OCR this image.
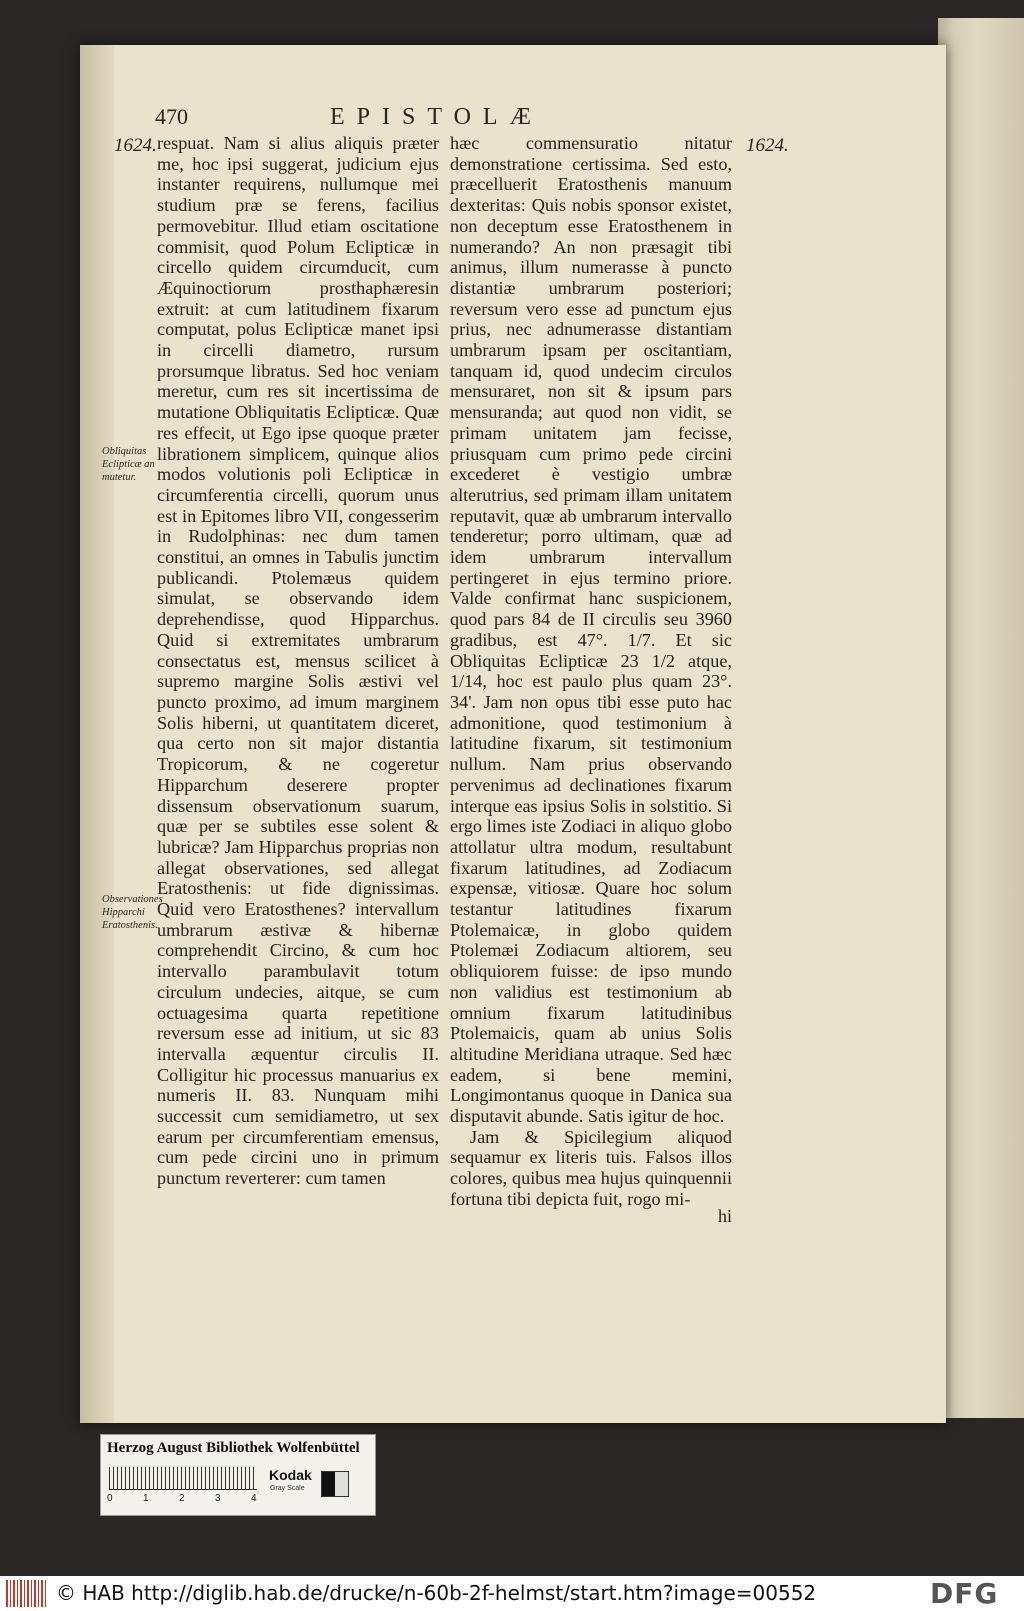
470	EPISTOLÆ
1624.	1624.
Obliquitas Eclipticæ an mutetur.
Observationes Hipparchi Eratosthenis.

respuat. Nam si alius aliquis præter me, hoc ipsi suggerat, judicium ejus instanter requirens, nullumque mei studium præ se ferens, facilius permovebitur. Illud etiam oscitatione commisit, quod Polum Eclipticæ in circello quidem circumducit, cum Æquinoctiorum prosthaphæresin extruit: at cum latitudinem fixarum computat, polus Eclipticæ manet ipsi in circelli diametro, rursum prorsumque libratus. Sed hoc veniam meretur, cum res sit incertissima de mutatione Obliquitatis Eclipticæ. Quæ res effecit, ut Ego ipse quoque præter librationem simplicem, quinque alios modos volutionis poli Eclipticæ in circumferentia circelli, quorum unus est in Epitomes libro VII, congesserim in Rudolphinas: nec dum tamen constitui, an omnes in Tabulis junctim publicandi. Ptolemæus quidem simulat, se observando idem deprehendisse, quod Hipparchus. Quid si extremitates umbrarum consectatus est, mensus scilicet à supremo margine Solis æstivi vel puncto proximo, ad imum marginem Solis hiberni, ut quantitatem diceret, qua certo non sit major distantia Tropicorum, & ne cogeretur Hipparchum deserere propter dissensum observationum suarum, quæ per se subtiles esse solent & lubricæ? Jam Hipparchus proprias non allegat observationes, sed allegat Eratosthenis: ut fide dignissimas. Quid vero Eratosthenes? intervallum umbrarum æstivæ & hibernæ comprehendit Circino, & cum hoc intervallo parambulavit totum circulum undecies, aitque, se cum octuagesima quarta repetitione reversum esse ad initium, ut sic 83 intervalla æquentur circulis II. Colligitur hic processus manuarius ex numeris II. 83. Nunquam mihi successit cum semidiametro, ut sex earum per circumferentiam emensus, cum pede circini uno in primum punctum reverterer: cum tamen

hæc commensuratio nitatur demonstratione certissima. Sed esto, præcelluerit Eratosthenis manuum dexteritas: Quis nobis sponsor existet, non deceptum esse Eratosthenem in numerando? An non præsagit tibi animus, illum numerasse à puncto distantiæ umbrarum posteriori; reversum vero esse ad punctum ejus prius, nec adnumerasse distantiam umbrarum ipsam per oscitantiam, tanquam id, quod undecim circulos mensuraret, non sit & ipsum pars mensuranda; aut quod non vidit, se primam unitatem jam fecisse, priusquam cum primo pede circini excederet è vestigio umbræ alterutrius, sed primam illam unitatem reputavit, quæ ab umbrarum intervallo tenderetur; porro ultimam, quæ ad idem umbrarum intervallum pertingeret in ejus termino priore. Valde confirmat hanc suspicionem, quod pars 84 de II circulis seu 3960 gradibus, est 47°. 1/7. Et sic Obliquitas Eclipticæ 23 1/2 atque, 1/14, hoc est paulo plus quam 23°. 34'. Jam non opus tibi esse puto hac admonitione, quod testimonium à latitudine fixarum, sit testimonium nullum. Nam prius observando pervenimus ad declinationes fixarum interque eas ipsius Solis in solstitio. Si ergo limes iste Zodiaci in aliquo globo attollatur ultra modum, resultabunt fixarum latitudines, ad Zodiacum expensæ, vitiosæ. Quare hoc solum testantur latitudines fixarum Ptolemaicæ, in globo quidem Ptolemæi Zodiacum altiorem, seu obliquiorem fuisse: de ipso mundo non validius est testimonium ab omnium fixarum latitudinibus Ptolemaicis, quam ab unius Solis altitudine Meridiana utraque. Sed hæc eadem, si bene memini, Longimontanus quoque in Danica sua disputavit abunde. Satis igitur de hoc.

Jam & Spicilegium aliquod sequamur ex literis tuis. Falsos illos colores, quibus mea hujus quinquennii fortuna tibi depicta fuit, rogo mi-

hi
Herzog August Bibliothek Wolfenbüttel
0	1	2	3	4
Kodak
Gray Scale
© HAB http://diglib.hab.de/drucke/n-60b-2f-helmst/start.htm?image=00552	DFG
